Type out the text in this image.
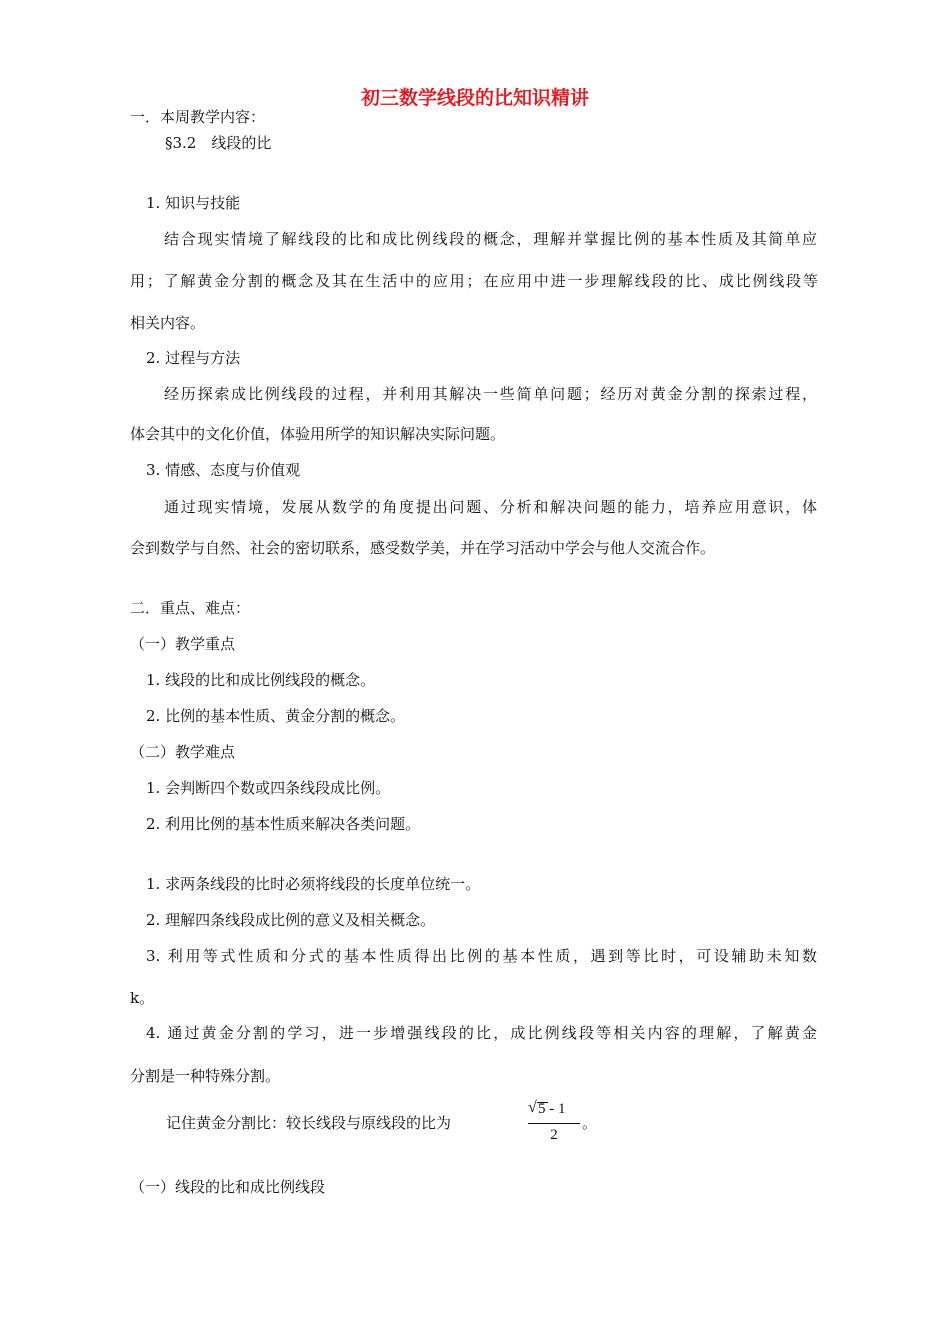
初三数学线段的比知识精讲
一．本周教学内容：
§3.2　线段的比
1. 知识与技能
结合现实情境了解线段的比和成比例线段的概念，理解并掌握比例的基本性质及其简单应
用；了解黄金分割的概念及其在生活中的应用；在应用中进一步理解线段的比、成比例线段等
相关内容。
2. 过程与方法
经历探索成比例线段的过程，并利用其解决一些简单问题；经历对黄金分割的探索过程，
体会其中的文化价值，体验用所学的知识解决实际问题。
3. 情感、态度与价值观
通过现实情境，发展从数学的角度提出问题、分析和解决问题的能力，培养应用意识，体
会到数学与自然、社会的密切联系，感受数学美，并在学习活动中学会与他人交流合作。
二．重点、难点：
（一）教学重点
1. 线段的比和成比例线段的概念。
2. 比例的基本性质、黄金分割的概念。
（二）教学难点
1. 会判断四个数或四条线段成比例。
2. 利用比例的基本性质来解决各类问题。
1. 求两条线段的比时必须将线段的长度单位统一。
2. 理解四条线段成比例的意义及相关概念。
3. 利用等式性质和分式的基本性质得出比例的基本性质，遇到等比时，可设辅助未知数
k。
4. 通过黄金分割的学习，进一步增强线段的比，成比例线段等相关内容的理解，了解黄金
分割是一种特殊分割。
记住黄金分割比：较长线段与原线段的比为
√ 5 - 1
2
。
（一）线段的比和成比例线段
